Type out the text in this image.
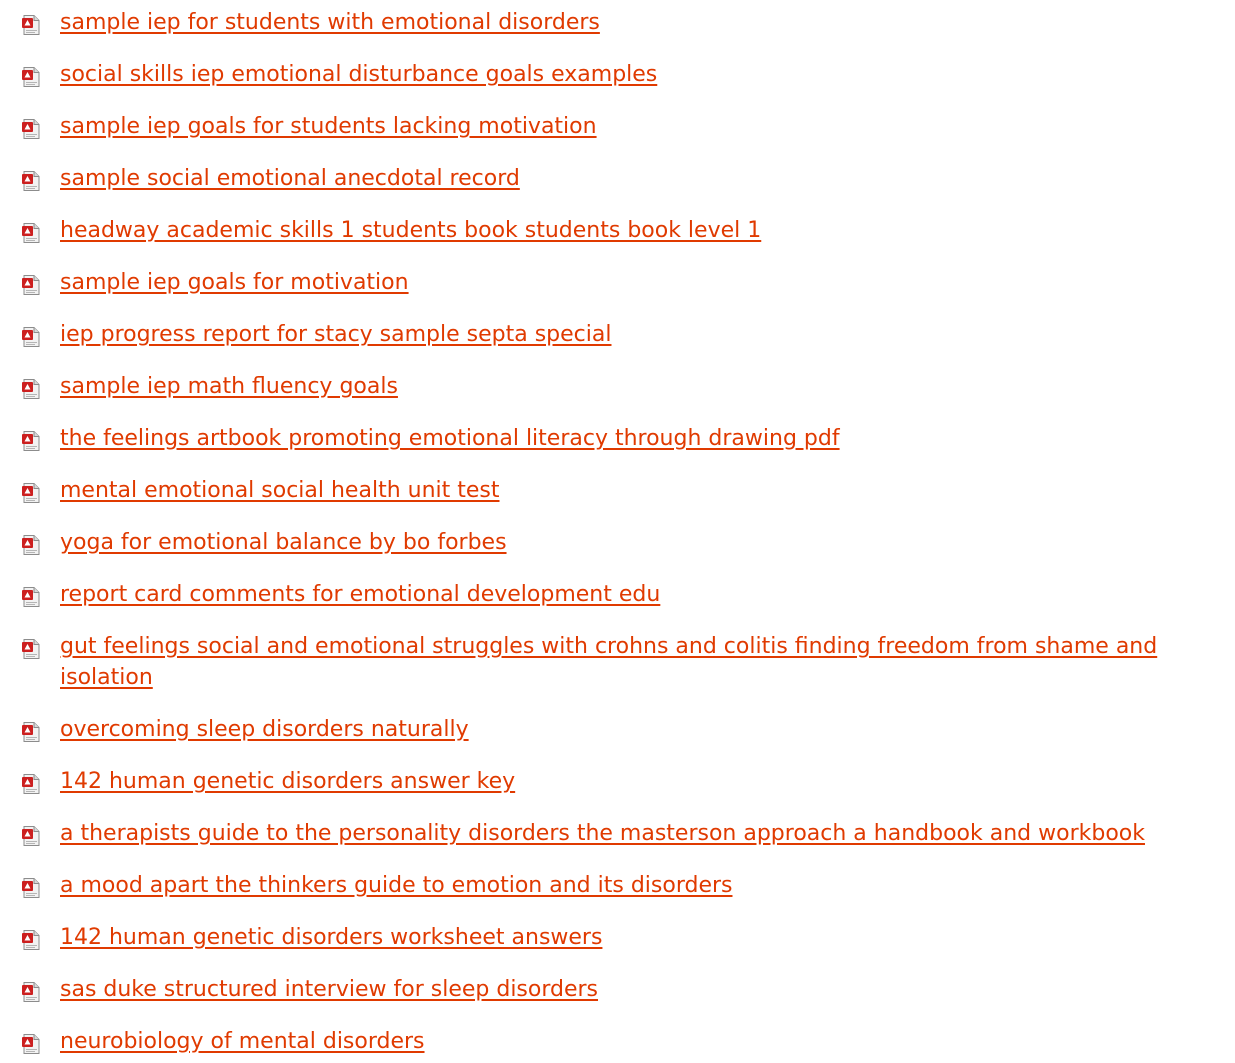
sample iep for students with emotional disorders
social skills iep emotional disturbance goals examples
sample iep goals for students lacking motivation
sample social emotional anecdotal record
headway academic skills 1 students book students book level 1
sample iep goals for motivation
iep progress report for stacy sample septa special
sample iep math fluency goals
the feelings artbook promoting emotional literacy through drawing pdf
mental emotional social health unit test
yoga for emotional balance by bo forbes
report card comments for emotional development edu
gut feelings social and emotional struggles with crohns and colitis finding freedom from shame and isolation
overcoming sleep disorders naturally
142 human genetic disorders answer key
a therapists guide to the personality disorders the masterson approach a handbook and workbook
a mood apart the thinkers guide to emotion and its disorders
142 human genetic disorders worksheet answers
sas duke structured interview for sleep disorders
neurobiology of mental disorders
